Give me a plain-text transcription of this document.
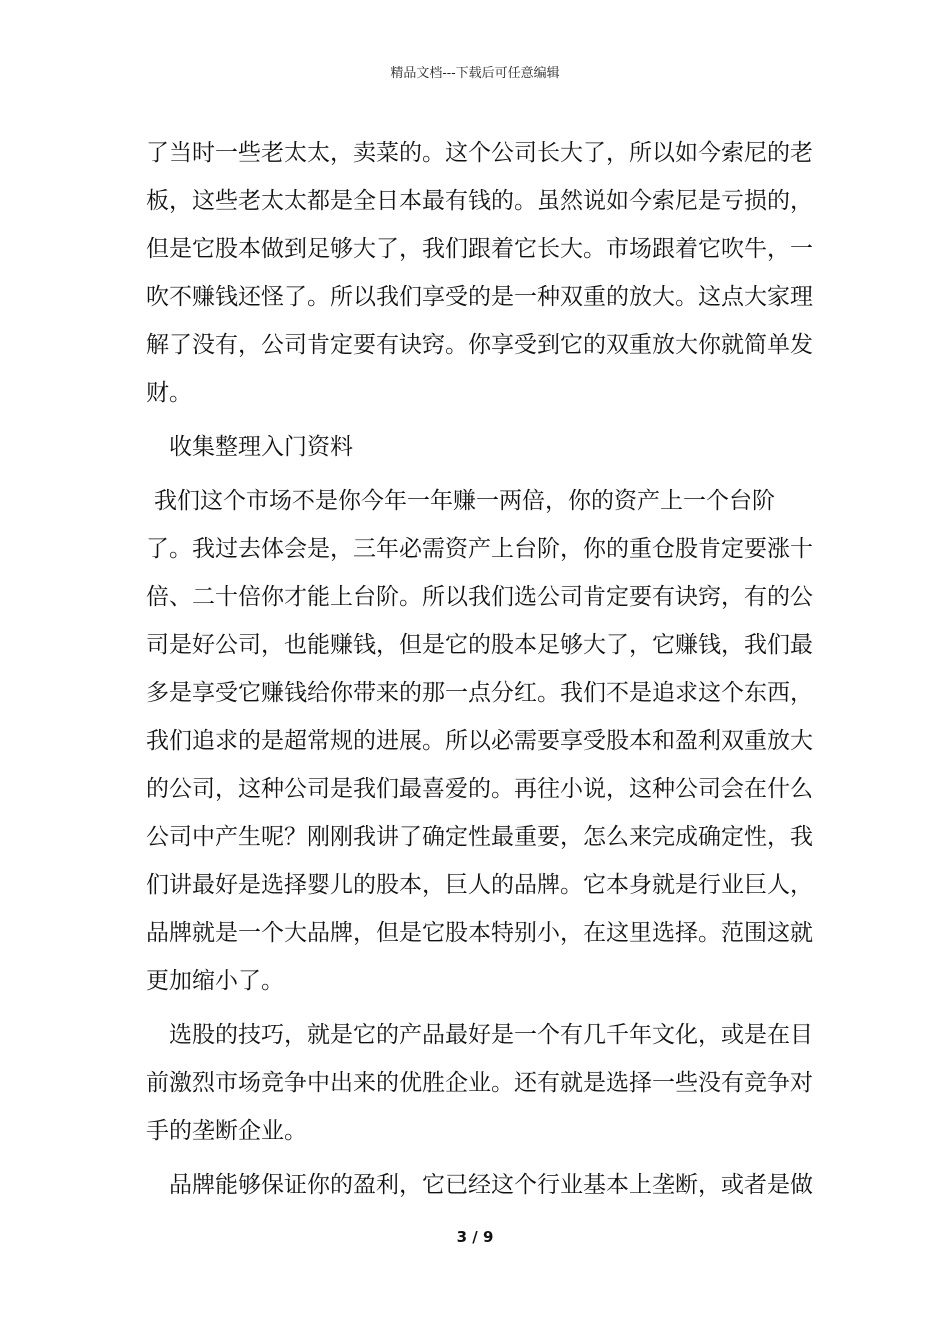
精品文档---下载后可任意编辑

了当时一些老太太，卖菜的。这个公司长大了，所以如今索尼的老板，这些老太太都是全日本最有钱的。虽然说如今索尼是亏损的，但是它股本做到足够大了，我们跟着它长大。市场跟着它吹牛，一吹不赚钱还怪了。所以我们享受的是一种双重的放大。这点大家理解了没有，公司肯定要有诀窍。你享受到它的双重放大你就简单发财。

收集整理入门资料

我们这个市场不是你今年一年赚一两倍，你的资产上一个台阶了。我过去体会是，三年必需资产上台阶，你的重仓股肯定要涨十倍、二十倍你才能上台阶。所以我们选公司肯定要有诀窍，有的公司是好公司，也能赚钱，但是它的股本足够大了，它赚钱，我们最多是享受它赚钱给你带来的那一点分红。我们不是追求这个东西，我们追求的是超常规的进展。所以必需要享受股本和盈利双重放大的公司，这种公司是我们最喜爱的。再往小说，这种公司会在什么公司中产生呢？刚刚我讲了确定性最重要，怎么来完成确定性，我们讲最好是选择婴儿的股本，巨人的品牌。它本身就是行业巨人，品牌就是一个大品牌，但是它股本特别小，在这里选择。范围这就更加缩小了。

选股的技巧，就是它的产品最好是一个有几千年文化，或是在目前激烈市场竞争中出来的优胜企业。还有就是选择一些没有竞争对手的垄断企业。

品牌能够保证你的盈利，它已经这个行业基本上垄断，或者是做

3 / 9
